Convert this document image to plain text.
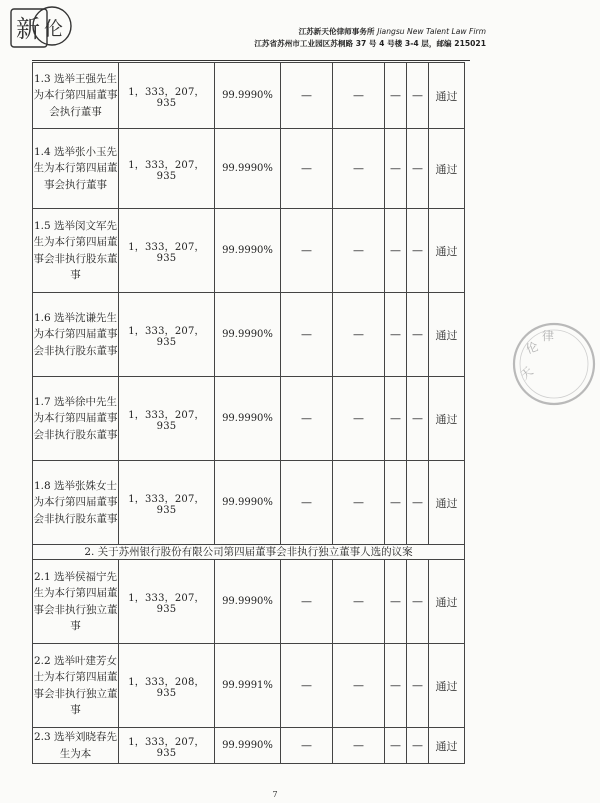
新 伦	江苏新天伦律师事务所 Jiangsu New Talent Law Firm
江苏省苏州市工业园区苏桐路 37 号 4 号楼 3-4 层，邮编 215021
1.3 选举王强先生为本行第四届董事会执行董事	1，333，207，935	99.9990%	—	—	—	—	通过
1.4 选举张小玉先生为本行第四届董事会执行董事	1，333，207，935	99.9990%	—	—	—	—	通过
1.5 选举闵文军先生为本行第四届董事会非执行股东董事	1，333，207，935	99.9990%	—	—	—	—	通过
1.6 选举沈谦先生为本行第四届董事会非执行股东董事	1，333，207，935	99.9990%	—	—	—	—	通过
1.7 选举徐中先生为本行第四届董事会非执行股东董事	1，333，207，935	99.9990%	—	—	—	—	通过
1.8 选举张姝女士为本行第四届董事会非执行股东董事	1，333，207，935	99.9990%	—	—	—	—	通过
2. 关于苏州银行股份有限公司第四届董事会非执行独立董事人选的议案							
2.1 选举侯福宁先生为本行第四届董事会非执行独立董事	1，333，207，935	99.9990%	—	—	—	—	通过
2.2 选举叶建芳女士为本行第四届董事会非执行独立董事	1，333，208，935	99.9991%	—	—	—	—	通过
2.3 选举刘晓春先生为本	1，333，207，935	99.9990%	—	—	—	—	通过
天
伦
律
7
